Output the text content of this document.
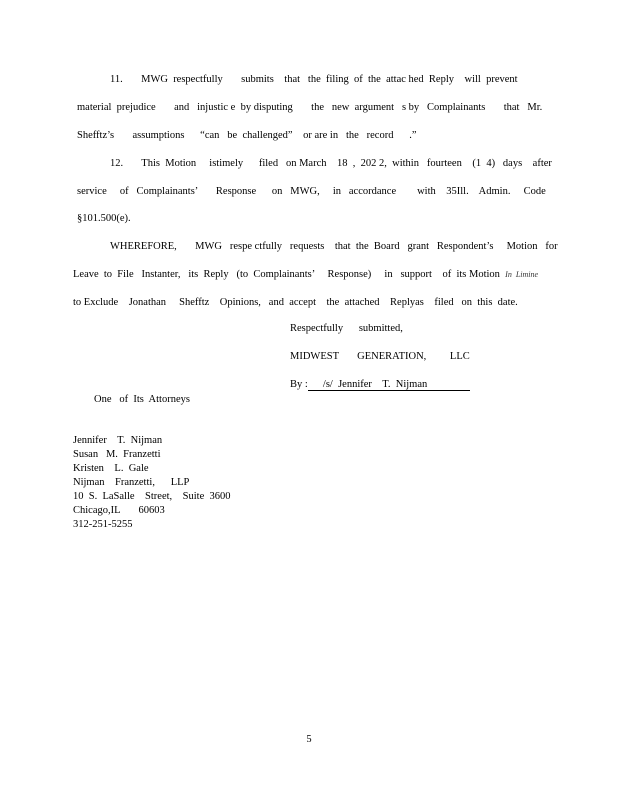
11.       MWG  respectfully       submits    that   the  filing  of  the  attac hed  Reply    will  prevent
material  prejudice       and   injustic e  by disputing       the   new  argument   s by   Complainants       that   Mr.
Shefftz’s       assumptions      “can   be  challenged”    or are in   the   record      .”
12.       This  Motion     istimely      filed   on March    18  ,  202 2,  within   fourteen    (1  4)   days    after
service     of   Complainants’       Response      on   MWG,     in   accordance        with    35Ill.    Admin.     Code
§101.500(e).
WHEREFORE,       MWG   respe ctfully   requests    that  the  Board   grant   Respondent’s     Motion   for
Leave  to  File   Instanter,   its  Reply   (to  Complainants’     Response)     in   support    of  its Motion In  Limine
to Exclude    Jonathan     Shefftz    Opinions,   and  accept    the  attached    Replyas    filed   on  this  date.
Respectfully      submitted,
MIDWEST       GENERATION,         LLC
By :     /s/  Jennifer    T.  Nijman
One   of  Its  Attorneys
Jennifer    T.  Nijman
Susan   M.  Franzetti
Kristen    L.  Gale
Nijman    Franzetti,      LLP
10  S.  LaSalle    Street,    Suite  3600
Chicago,IL       60603
312-251-5255
5
